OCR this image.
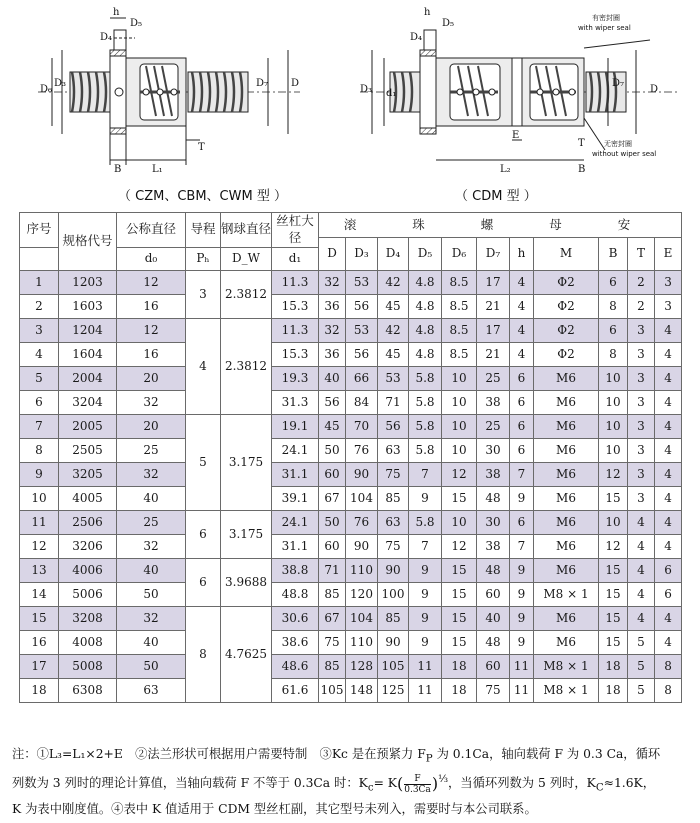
h
D₅
D₄
D₆
D₃	D
D₇
B	L₁
T
h
D₅
D₄
D₃ d₁
D₇
D
E
L₂
T
B
有密封圈
with wiper seal
无密封圈
without wiper seal
（ CZM、CBM、CWM 型 ）	（ CDM 型 ）
序号	规格代号	公称直径	导程	钢球直径	丝杠大径	滚 珠 螺 母 安										
						D	D₃	D₄	D₅	D₆	D₇	h	M	B	T	E
		d₀	Pₕ	D_W	d₁											
1	1203	12	3	2.3812	11.3	32	53	42	4.8	8.5	17	4	Φ2	6	2	3
2	1603	16			15.3	36	56	45	4.8	8.5	21	4	Φ2	8	2	3
3	1204	12	4	2.3812	11.3	32	53	42	4.8	8.5	17	4	Φ2	6	3	4
4	1604	16			15.3	36	56	45	4.8	8.5	21	4	Φ2	8	3	4
5	2004	20			19.3	40	66	53	5.8	10	25	6	M6	10	3	4
6	3204	32			31.3	56	84	71	5.8	10	38	6	M6	10	3	4
7	2005	20	5	3.175	19.1	45	70	56	5.8	10	25	6	M6	10	3	4
8	2505	25			24.1	50	76	63	5.8	10	30	6	M6	10	3	4
9	3205	32			31.1	60	90	75	7	12	38	7	M6	12	3	4
10	4005	40			39.1	67	104	85	9	15	48	9	M6	15	3	4
11	2506	25	6	3.175	24.1	50	76	63	5.8	10	30	6	M6	10	4	4
12	3206	32			31.1	60	90	75	7	12	38	7	M6	12	4	4
13	4006	40	6	3.9688	38.8	71	110	90	9	15	48	9	M6	15	4	6
14	5006	50			48.8	85	120	100	9	15	60	9	M8 × 1	15	4	6
15	3208	32	8	4.7625	30.6	67	104	85	9	15	40	9	M6	15	4	4
16	4008	40			38.6	75	110	90	9	15	48	9	M6	15	5	4
17	5008	50			48.6	85	128	105	11	18	60	11	M8 × 1	18	5	8
18	6308	63			61.6	105	148	125	11	18	75	11	M8 × 1	18	5	8
注：①L₃=L₁×2+E　②法兰形状可根据用户需要特制　③Kc 是在预紧力 $F_P$ 为 0.1Ca，轴向载荷 F 为 0.3 Ca，循环
列数为 3 列时的理论计算值，当轴向载荷 F 不等于 0.3Ca 时：$K_c= K( \frac{F}{0.3Ca} )^{\frac{1}{3}}$，当循环列数为 5 列时，$K_C\approx 1.6K$，
K 为表中刚度值。④表中 K 值适用于 CDM 型丝杠副，其它型号未列入，需要时与本公司联系。
